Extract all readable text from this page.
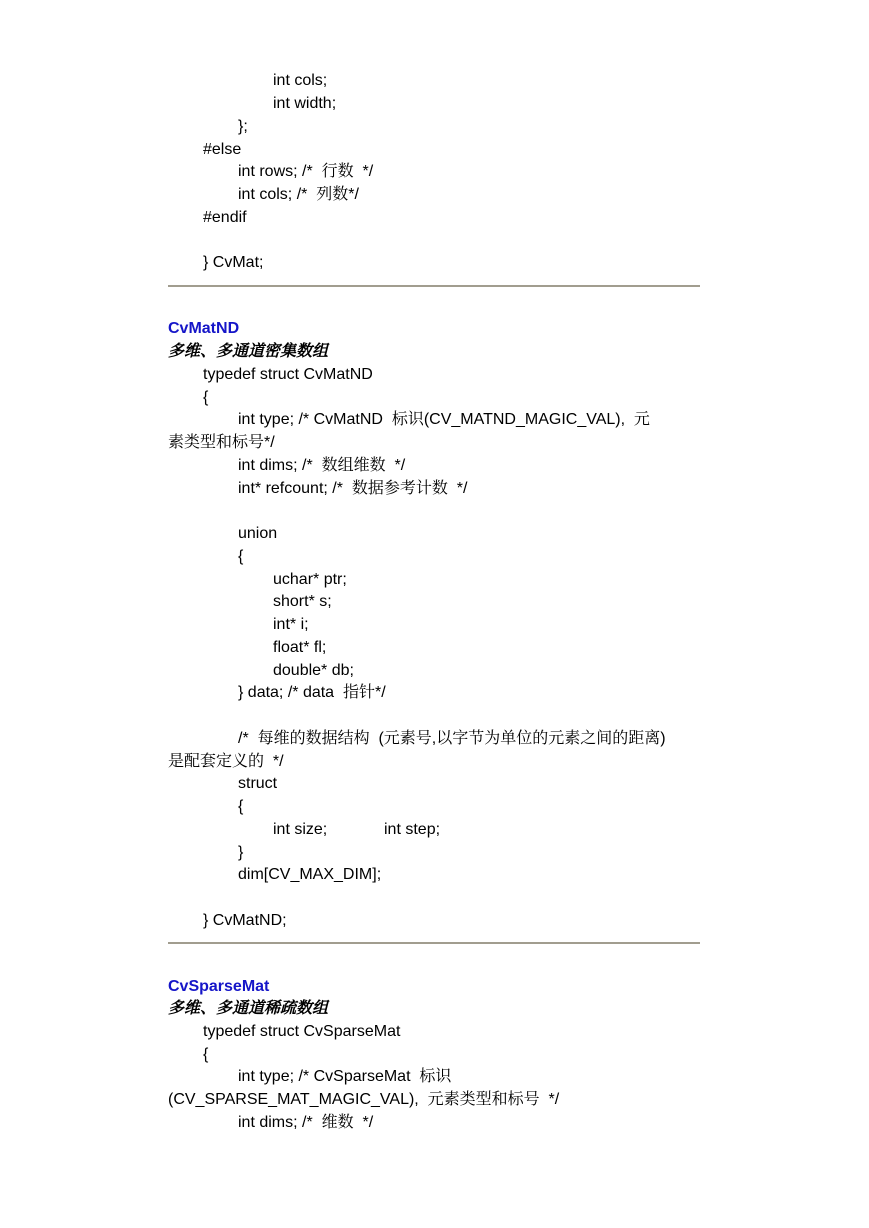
int cols;
int width;
};
#else
int rows; /*  行数  */
int cols; /*  列数*/
#endif
} CvMat;
CvMatND
多维、多通道密集数组
typedef struct CvMatND
{
int type; /* CvMatND  标识(CV_MATND_MAGIC_VAL),  元
素类型和标号*/
int dims; /*  数组维数  */
int* refcount; /*  数据参考计数  */
union
{
uchar* ptr;
short* s;
int* i;
float* fl;
double* db;
} data; /* data  指针*/
/*  每维的数据结构  (元素号,以字节为单位的元素之间的距离)
是配套定义的  */
struct
{
int size;	int step;
}
dim[CV_MAX_DIM];
} CvMatND;
CvSparseMat
多维、多通道稀疏数组
typedef struct CvSparseMat
{
int type; /* CvSparseMat  标识
(CV_SPARSE_MAT_MAGIC_VAL),  元素类型和标号  */
int dims; /*  维数  */
